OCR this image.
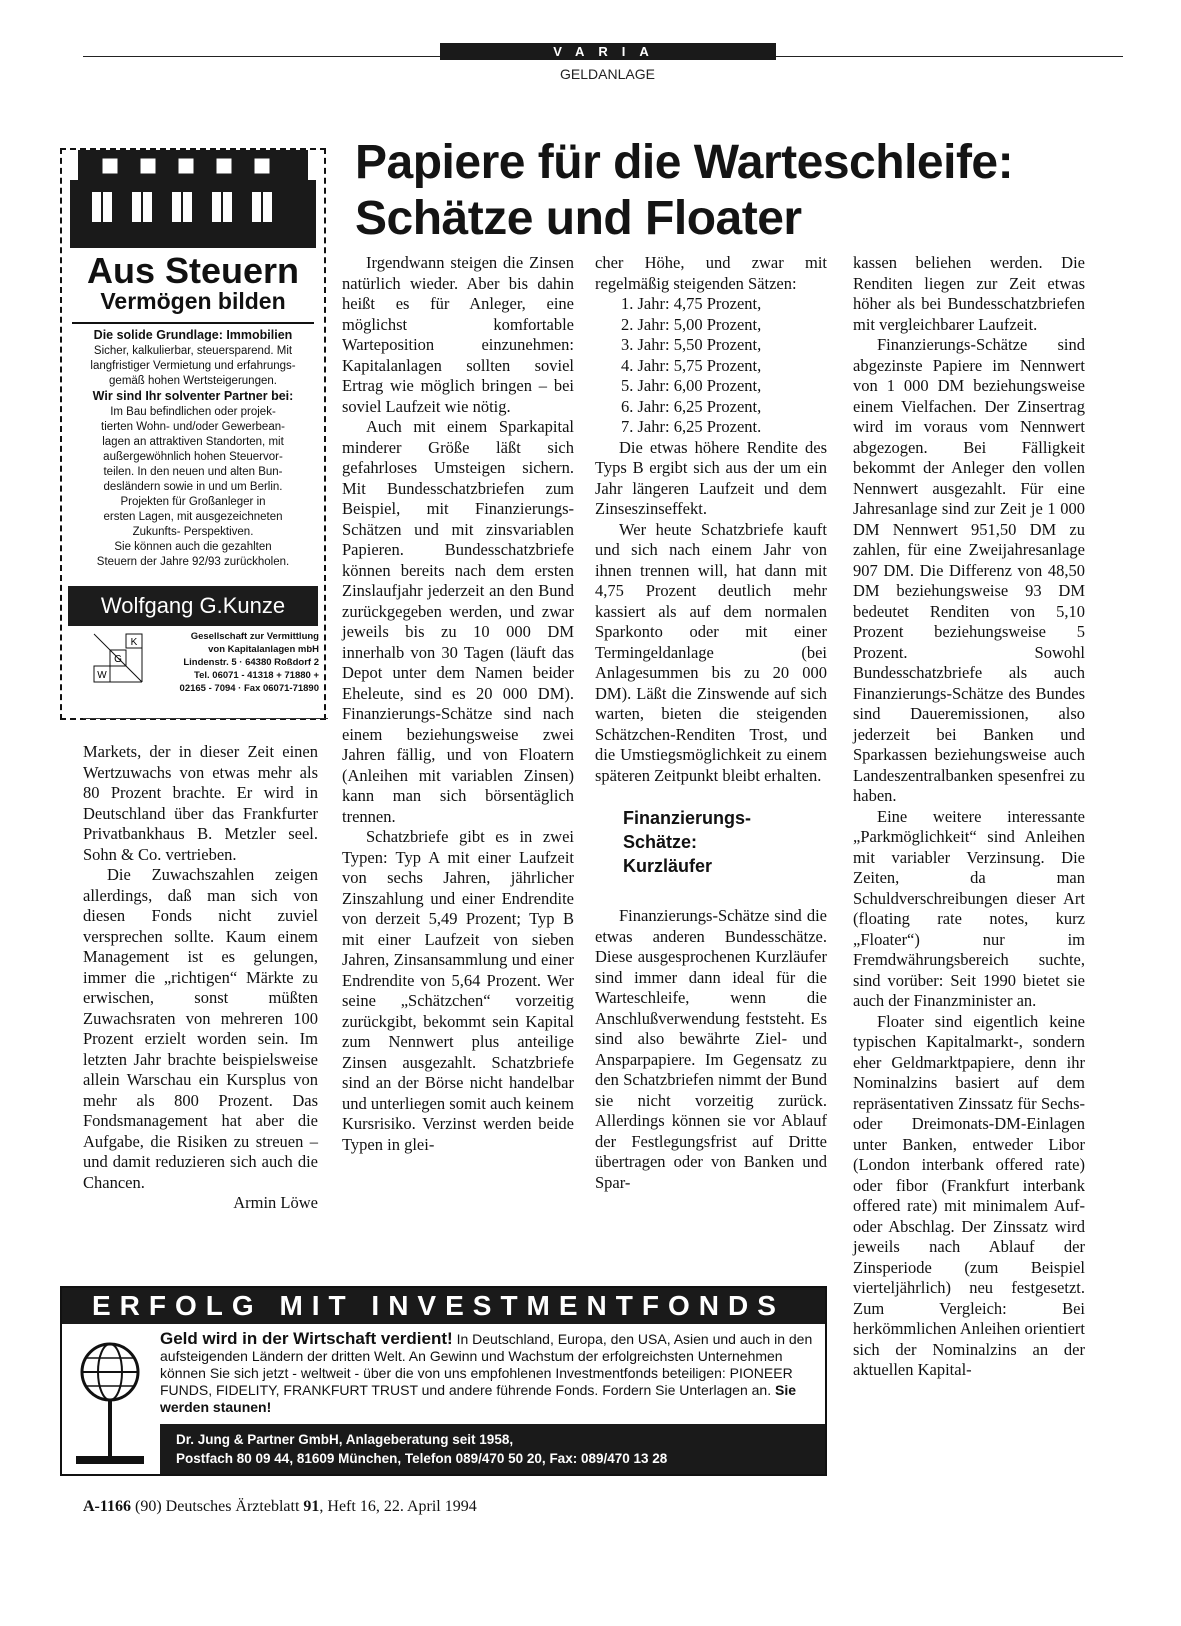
VARIA
GELDANLAGE
Papiere für die Warteschleife:
Schätze und Floater
Aus Steuern
Vermögen bilden
Die solide Grundlage: Immobilien
Sicher, kalkulierbar, steuersparend. Mit
langfristiger Vermietung und erfahrungs-
gemäß hohen Wertsteigerungen.
Wir sind Ihr solventer Partner bei:
Im Bau befindlichen oder projek-
tierten Wohn- und/oder Gewerbean-
lagen an attraktiven Standorten, mit
außergewöhnlich hohen Steuervor-
teilen. In den neuen und alten Bun-
desländern sowie in und um Berlin.
Projekten für Großanleger in
ersten Lagen, mit ausgezeichneten
Zukunfts- Perspektiven.
Sie können auch die gezahlten
Steuern der Jahre 92/93 zurückholen.
Wolfgang G.Kunze
K
G
W
Gesellschaft zur Vermittlung
von Kapitalanlagen mbH
Lindenstr. 5 · 64380 Roßdorf 2
Tel. 06071 - 41318 + 71880 +
02165 - 7094 · Fax 06071-71890

Markets, der in dieser Zeit einen Wertzuwachs von etwas mehr als 80 Prozent brachte. Er wird in Deutschland über das Frankfurter Privatbankhaus B. Metzler seel. Sohn & Co. vertrieben.

Die Zuwachszahlen zeigen allerdings, daß man sich von diesen Fonds nicht zuviel versprechen sollte. Kaum einem Management ist es gelungen, immer die „richtigen“ Märkte zu erwischen, sonst müßten Zuwachsraten von mehreren 100 Prozent erzielt worden sein. Im letzten Jahr brachte beispielsweise allein Warschau ein Kursplus von mehr als 800 Prozent. Das Fondsmanagement hat aber die Aufgabe, die Risiken zu streuen – und damit reduzieren sich auch die Chancen.

Armin Löwe

Irgendwann steigen die Zinsen natürlich wieder. Aber bis dahin heißt es für Anleger, eine möglichst komfortable Warteposition einzunehmen: Kapitalanlagen sollten soviel Ertrag wie möglich bringen – bei soviel Laufzeit wie nötig.

Auch mit einem Sparkapital minderer Größe läßt sich gefahrloses Umsteigen sichern. Mit Bundesschatzbriefen zum Beispiel, mit Finanzierungs-Schätzen und mit zinsvariablen Papieren. Bundesschatzbriefe können bereits nach dem ersten Zinslaufjahr jederzeit an den Bund zurückgegeben werden, und zwar jeweils bis zu 10 000 DM innerhalb von 30 Tagen (läuft das Depot unter dem Namen beider Eheleute, sind es 20 000 DM). Finanzierungs-Schätze sind nach einem beziehungsweise zwei Jahren fällig, und von Floatern (Anleihen mit variablen Zinsen) kann man sich börsentäglich trennen.

Schatzbriefe gibt es in zwei Typen: Typ A mit einer Laufzeit von sechs Jahren, jährlicher Zinszahlung und einer Endrendite von derzeit 5,49 Prozent; Typ B mit einer Laufzeit von sieben Jahren, Zinsansammlung und einer Endrendite von 5,64 Prozent. Wer seine „Schätzchen“ vorzeitig zurückgibt, bekommt sein Kapital zum Nennwert plus anteilige Zinsen ausgezahlt. Schatzbriefe sind an der Börse nicht handelbar und unterliegen somit auch keinem Kursrisiko. Verzinst werden beide Typen in glei-

cher Höhe, und zwar mit regelmäßig steigenden Sätzen:

1. Jahr: 4,75 Prozent,
2. Jahr: 5,00 Prozent,
3. Jahr: 5,50 Prozent,
4. Jahr: 5,75 Prozent,
5. Jahr: 6,00 Prozent,
6. Jahr: 6,25 Prozent,
7. Jahr: 6,25 Prozent.

Die etwas höhere Rendite des Typs B ergibt sich aus der um ein Jahr längeren Laufzeit und dem Zinseszinseffekt.

Wer heute Schatzbriefe kauft und sich nach einem Jahr von ihnen trennen will, hat dann mit 4,75 Prozent deutlich mehr kassiert als auf dem normalen Sparkonto oder mit einer Termingeldanlage (bei Anlagesummen bis zu 20 000 DM). Läßt die Zinswende auf sich warten, bieten die steigenden Schätzchen-Renditen Trost, und die Umstiegsmöglichkeit zu einem späteren Zeitpunkt bleibt erhalten.

Finanzierungs-
Schätze:
Kurzläufer

Finanzierungs-Schätze sind die etwas anderen Bundesschätze. Diese ausgesprochenen Kurzläufer sind immer dann ideal für die Warteschleife, wenn die Anschlußverwendung feststeht. Es sind also bewährte Ziel- und Ansparpapiere. Im Gegensatz zu den Schatzbriefen nimmt der Bund sie nicht vorzeitig zurück. Allerdings können sie vor Ablauf der Festlegungsfrist auf Dritte übertragen oder von Banken und Spar-

kassen beliehen werden. Die Renditen liegen zur Zeit etwas höher als bei Bundesschatzbriefen mit vergleichbarer Laufzeit.

Finanzierungs-Schätze sind abgezinste Papiere im Nennwert von 1 000 DM beziehungsweise einem Vielfachen. Der Zinsertrag wird im voraus vom Nennwert abgezogen. Bei Fälligkeit bekommt der Anleger den vollen Nennwert ausgezahlt. Für eine Jahresanlage sind zur Zeit je 1 000 DM Nennwert 951,50 DM zu zahlen, für eine Zweijahresanlage 907 DM. Die Differenz von 48,50 DM beziehungsweise 93 DM bedeutet Renditen von 5,10 Prozent beziehungsweise 5 Prozent. Sowohl Bundesschatzbriefe als auch Finanzierungs-Schätze des Bundes sind Daueremissionen, also jederzeit bei Banken und Sparkassen beziehungsweise auch Landeszentralbanken spesenfrei zu haben.

Eine weitere interessante „Parkmöglichkeit“ sind Anleihen mit variabler Verzinsung. Die Zeiten, da man Schuldverschreibungen dieser Art (floating rate notes, kurz „Floater“) nur im Fremdwährungsbereich suchte, sind vorüber: Seit 1990 bietet sie auch der Finanzminister an.

Floater sind eigentlich keine typischen Kapitalmarkt-, sondern eher Geldmarktpapiere, denn ihr Nominalzins basiert auf dem repräsentativen Zinssatz für Sechs- oder Dreimonats-DM-Einlagen unter Banken, entweder Libor (London interbank offered rate) oder fibor (Frankfurt interbank offered rate) mit minimalem Auf- oder Abschlag. Der Zinssatz wird jeweils nach Ablauf der Zinsperiode (zum Beispiel vierteljährlich) neu festgesetzt. Zum Vergleich: Bei herkömmlichen Anleihen orientiert sich der Nominalzins an der aktuellen Kapital-

ERFOLG MIT INVESTMENTFONDS
Geld wird in der Wirtschaft verdient! In Deutschland, Europa, den USA, Asien und auch in den aufsteigenden Ländern der dritten Welt. An Gewinn und Wachstum der erfolgreichsten Unternehmen können Sie sich jetzt - weltweit - über die von uns empfohlenen Investmentfonds beteiligen: PIONEER FUNDS, FIDELITY, FRANKFURT TRUST und andere führende Fonds. Fordern Sie Unterlagen an. Sie werden staunen!
Dr. Jung & Partner GmbH, Anlageberatung seit 1958,
Postfach 80 09 44, 81609 München, Telefon 089/470 50 20, Fax: 089/470 13 28
A-1166 (90) Deutsches Ärzteblatt 91, Heft 16, 22. April 1994
